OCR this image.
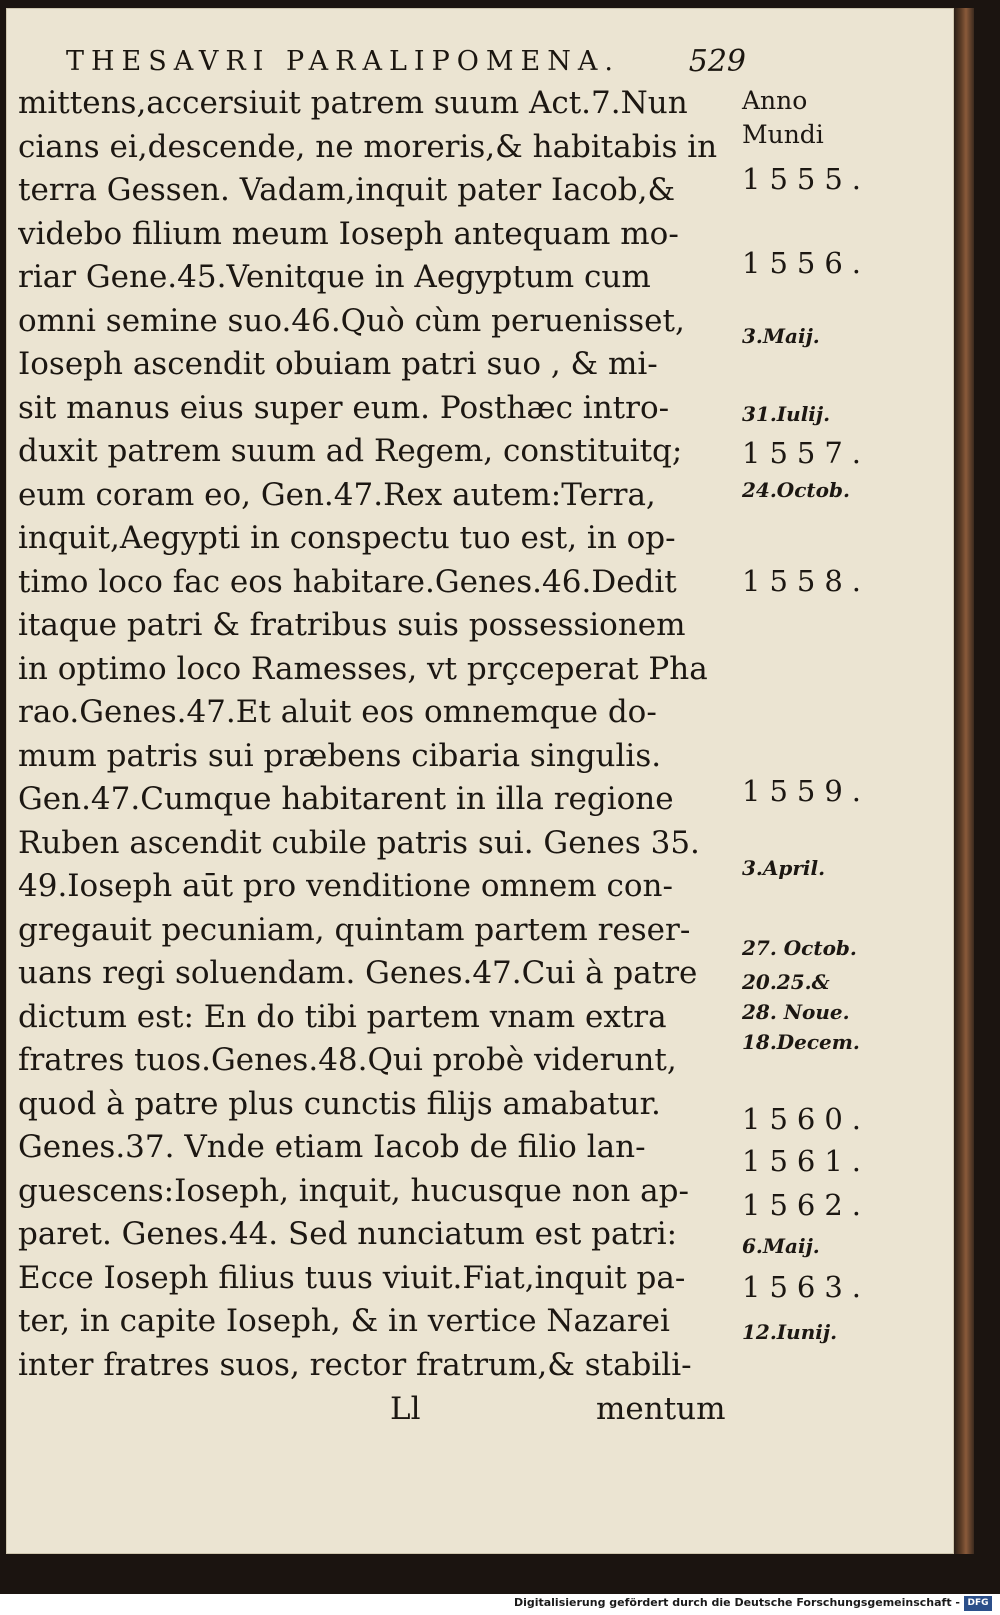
THESAVRI PARALIPOMENA. 529
mittens,accersiuit patrem suum Act.7.Nun
cians ei,descende, ne moreris,& habitabis in
terra Gessen. Vadam,inquit pater Iacob,&
videbo filium meum Ioseph antequam mo-
riar Gene.45.Venitque in Aegyptum cum
omni semine suo.46.Quò cùm peruenisset,
Ioseph ascendit obuiam patri suo , & mi-
sit manus eius super eum. Posthæc intro-
duxit patrem suum ad Regem, constituitq;
eum coram eo, Gen.47.Rex autem:Terra,
inquit,Aegypti in conspectu tuo est, in op-
timo loco fac eos habitare.Genes.46.Dedit
itaque patri & fratribus suis possessionem
in optimo loco Ramesses, vt prçceperat Pha
rao.Genes.47.Et aluit eos omnemque do-
mum patris sui præbens cibaria singulis.
Gen.47.Cumque habitarent in illa regione
Ruben ascendit cubile patris sui. Genes 35.
49.Ioseph aūt pro venditione omnem con-
gregauit pecuniam, quintam partem reser-
uans regi soluendam. Genes.47.Cui à patre
dictum est: En do tibi partem vnam extra
fratres tuos.Genes.48.Qui probè viderunt,
quod à patre plus cunctis filijs amabatur.
Genes.37. Vnde etiam Iacob de filio lan-
guescens:Ioseph, inquit, hucusque non ap-
paret. Genes.44. Sed nunciatum est patri:
Ecce Ioseph filius tuus viuit.Fiat,inquit pa-
ter, in capite Ioseph, & in vertice Nazarei
inter fratres suos, rector fratrum,& stabili-
Anno
Mundi
1555.
1556.
3.Maij.
31.Iulij.
1557.
24.Octob.
1558.
1559.
3.April.
27. Octob.
20.25.&
28. Noue.
18.Decem.
1560.
1561.
1562.
6.Maij.
1563.
12.Iunij.
Ll	mentum
Digitalisierung gefördert durch die Deutsche Forschungsgemeinschaft - DFG
